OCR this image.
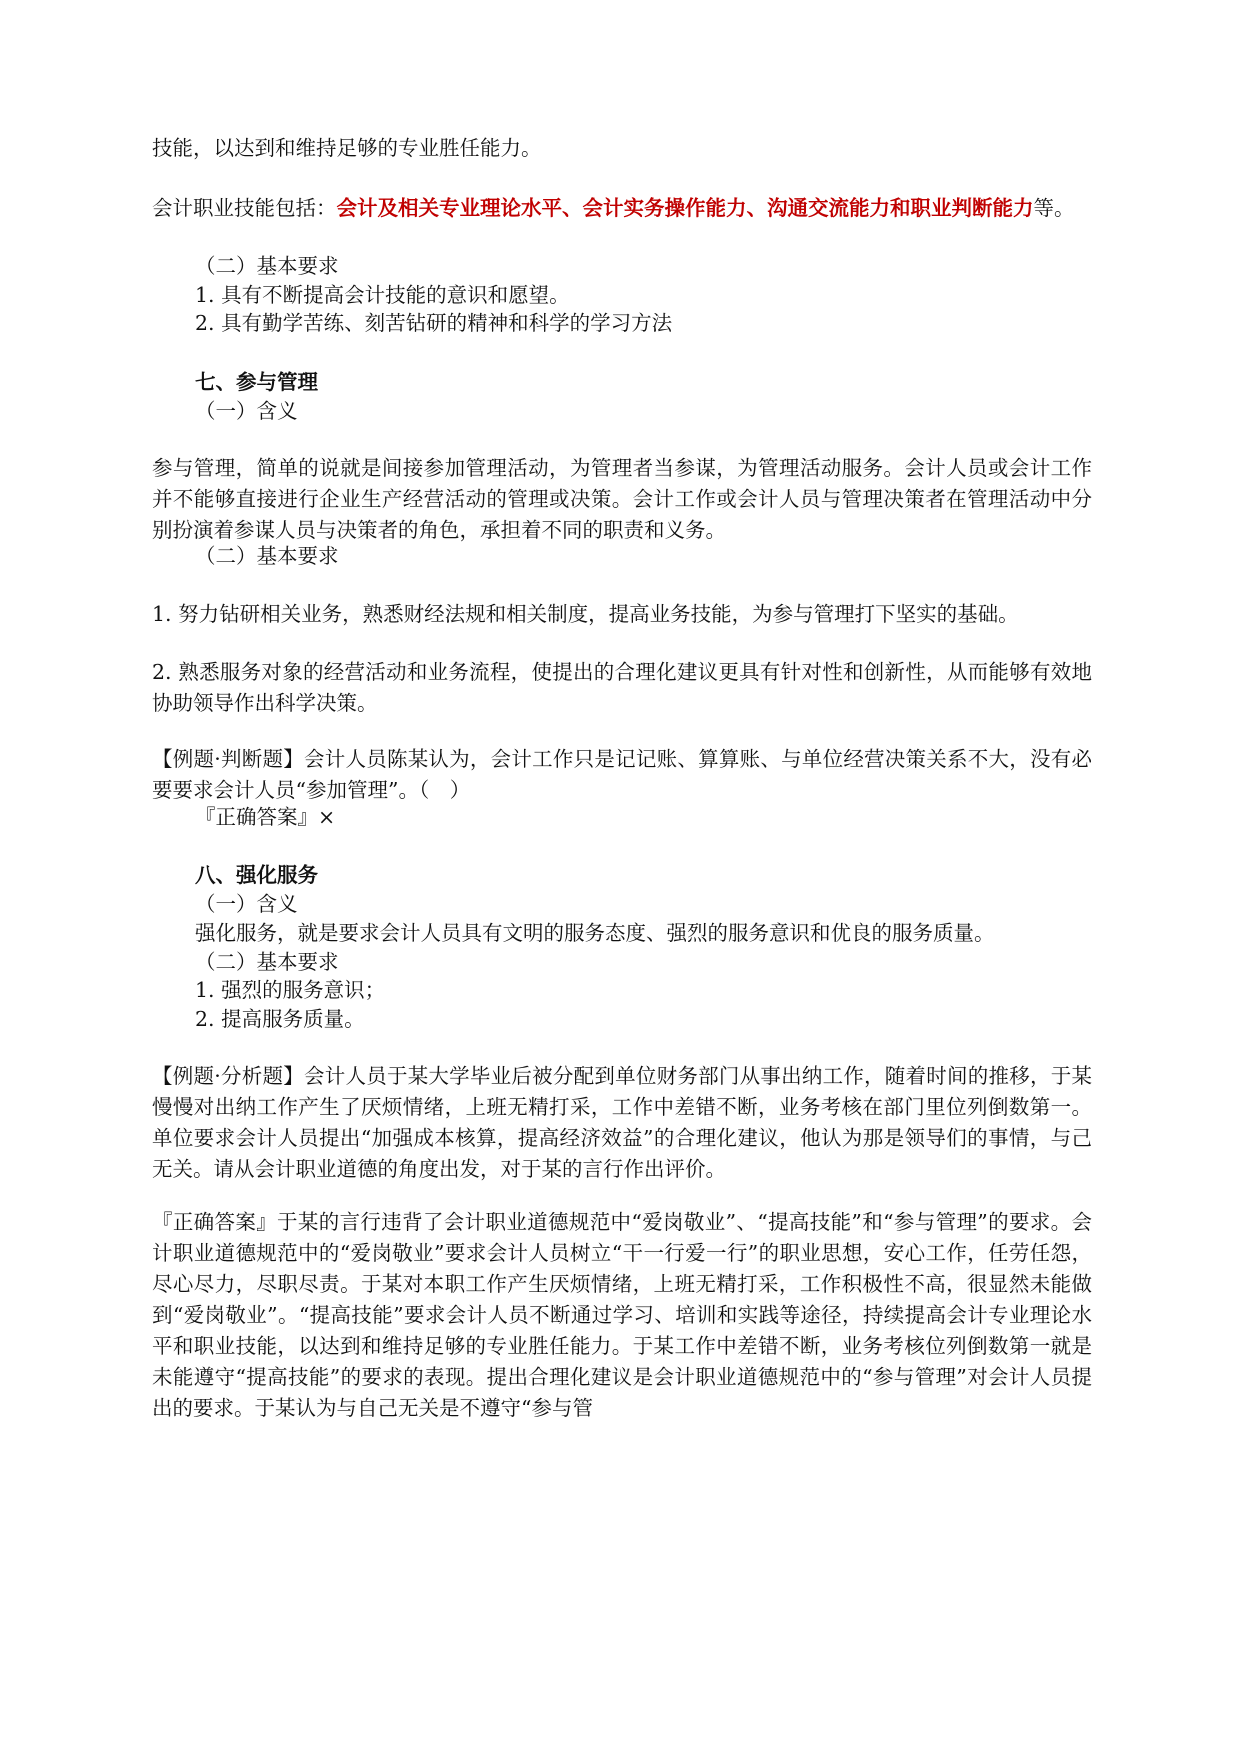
技能，以达到和维持足够的专业胜任能力。

会计职业技能包括：会计及相关专业理论水平、会计实务操作能力、沟通交流能力和职业判断能力等。

（二）基本要求

1. 具有不断提高会计技能的意识和愿望。

2. 具有勤学苦练、刻苦钻研的精神和科学的学习方法

七、参与管理

（一）含义

参与管理，简单的说就是间接参加管理活动，为管理者当参谋，为管理活动服务。会计人员或会计工作并不能够直接进行企业生产经营活动的管理或决策。会计工作或会计人员与管理决策者在管理活动中分别扮演着参谋人员与决策者的角色，承担着不同的职责和义务。

（二）基本要求

1. 努力钻研相关业务，熟悉财经法规和相关制度，提高业务技能，为参与管理打下坚实的基础。

2. 熟悉服务对象的经营活动和业务流程，使提出的合理化建议更具有针对性和创新性，从而能够有效地协助领导作出科学决策。

【例题·判断题】会计人员陈某认为，会计工作只是记记账、算算账、与单位经营决策关系不大，没有必要要求会计人员“参加管理”。（　）

『正确答案』×

八、强化服务

（一）含义

强化服务，就是要求会计人员具有文明的服务态度、强烈的服务意识和优良的服务质量。

（二）基本要求

1. 强烈的服务意识；

2. 提高服务质量。

【例题·分析题】会计人员于某大学毕业后被分配到单位财务部门从事出纳工作，随着时间的推移，于某慢慢对出纳工作产生了厌烦情绪，上班无精打采，工作中差错不断，业务考核在部门里位列倒数第一。单位要求会计人员提出“加强成本核算，提高经济效益”的合理化建议，他认为那是领导们的事情，与己无关。请从会计职业道德的角度出发，对于某的言行作出评价。

『正确答案』于某的言行违背了会计职业道德规范中“爱岗敬业”、“提高技能”和“参与管理”的要求。会计职业道德规范中的“爱岗敬业”要求会计人员树立“干一行爱一行”的职业思想，安心工作，任劳任怨，尽心尽力，尽职尽责。于某对本职工作产生厌烦情绪，上班无精打采，工作积极性不高，很显然未能做到“爱岗敬业”。“提高技能”要求会计人员不断通过学习、培训和实践等途径，持续提高会计专业理论水平和职业技能，以达到和维持足够的专业胜任能力。于某工作中差错不断，业务考核位列倒数第一就是未能遵守“提高技能”的要求的表现。提出合理化建议是会计职业道德规范中的“参与管理”对会计人员提出的要求。于某认为与自己无关是不遵守“参与管
